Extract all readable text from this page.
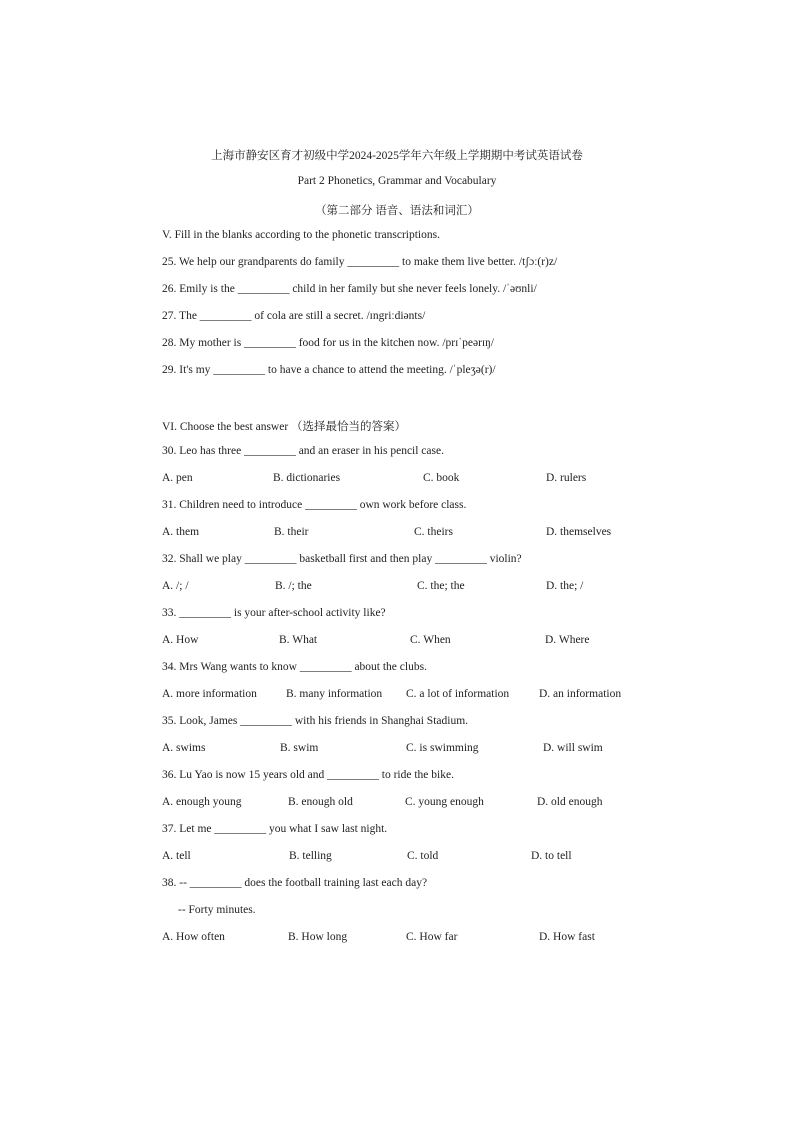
上海市静安区育才初级中学2024-2025学年六年级上学期期中考试英语试卷
Part 2 Phonetics, Grammar and Vocabulary
（第二部分 语音、语法和词汇）
V. Fill in the blanks according to the phonetic transcriptions.
25. We help our grandparents do family _________ to make them live better. /tʃɔː(r)z/
26. Emily is the _________ child in her family but she never feels lonely. /ˈəʊnli/
27. The _________ of cola are still a secret. /ɪngriːdiənts/
28. My mother is _________ food for us in the kitchen now. /prɪˈpeərɪŋ/
29. It's my _________ to have a chance to attend the meeting. /ˈpleʒə(r)/
VI. Choose the best answer （选择最恰当的答案）
30. Leo has three _________ and an eraser in his pencil case.
A. pen	B. dictionaries	C. book	D. rulers
31. Children need to introduce _________ own work before class.
A. them	B. their	C. theirs	D. themselves
32. Shall we play _________ basketball first and then play _________ violin?
A. /; /	B. /; the	C. the; the	D. the; /
33. _________ is your after-school activity like?
A. How	B. What	C. When	D. Where
34. Mrs Wang wants to know _________ about the clubs.
A. more information	B. many information C. a lot of information	D. an information
35. Look, James _________ with his friends in Shanghai Stadium.
A. swims	B. swim	C. is swimming	D. will swim
36. Lu Yao is now 15 years old and _________ to ride the bike.
A. enough young	B. enough old	C. young enough	D. old enough
37. Let me _________ you what I saw last night.
A. tell	B. telling	C. told	D. to tell
38. -- _________ does the football training last each day?
-- Forty minutes.
A. How often	B. How long	C. How far	D. How fast
